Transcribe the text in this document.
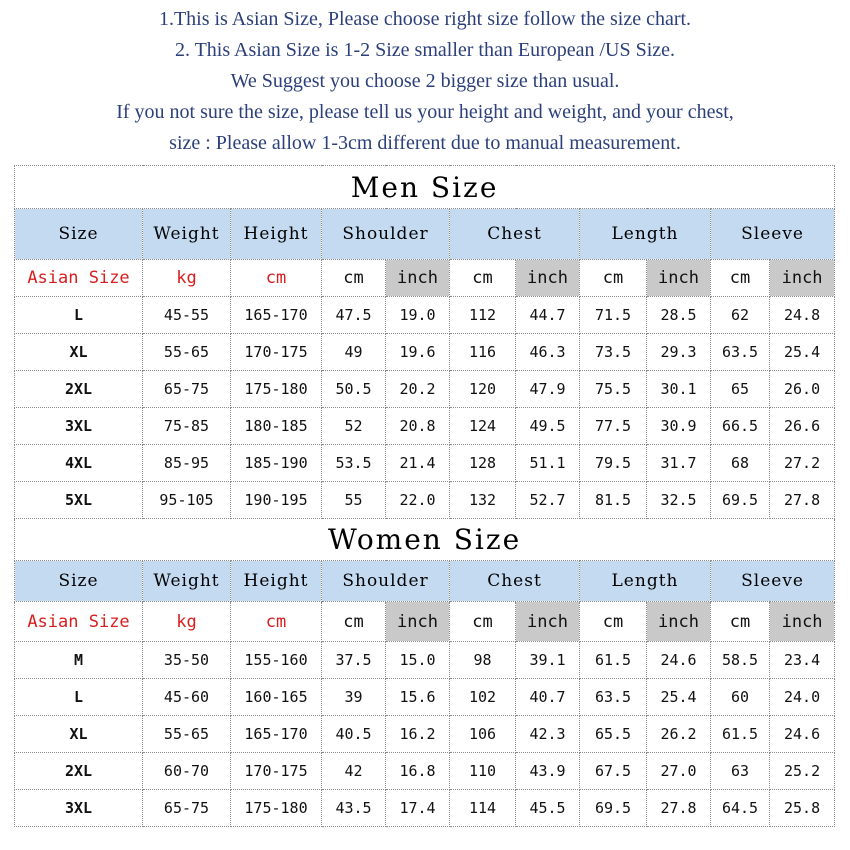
1.This is Asian Size, Please choose right size follow the size chart.
2. This Asian Size is 1-2 Size smaller than European /US Size.
We Suggest you choose 2 bigger size than usual.
If you not sure the size, please tell us your height and weight, and your chest,
size : Please allow 1-3cm different due to manual measurement.
Men Size										
Size	Weight	Height	Shoulder		Chest		Length		Sleeve	
Asian Size	kg	cm	cm	inch	cm	inch	cm	inch	cm	inch
L	45-55	165-170	47.5	19.0	112	44.7	71.5	28.5	62	24.8
XL	55-65	170-175	49	19.6	116	46.3	73.5	29.3	63.5	25.4
2XL	65-75	175-180	50.5	20.2	120	47.9	75.5	30.1	65	26.0
3XL	75-85	180-185	52	20.8	124	49.5	77.5	30.9	66.5	26.6
4XL	85-95	185-190	53.5	21.4	128	51.1	79.5	31.7	68	27.2
5XL	95-105	190-195	55	22.0	132	52.7	81.5	32.5	69.5	27.8
Women Size										
Size	Weight	Height	Shoulder		Chest		Length		Sleeve	
Asian Size	kg	cm	cm	inch	cm	inch	cm	inch	cm	inch
M	35-50	155-160	37.5	15.0	98	39.1	61.5	24.6	58.5	23.4
L	45-60	160-165	39	15.6	102	40.7	63.5	25.4	60	24.0
XL	55-65	165-170	40.5	16.2	106	42.3	65.5	26.2	61.5	24.6
2XL	60-70	170-175	42	16.8	110	43.9	67.5	27.0	63	25.2
3XL	65-75	175-180	43.5	17.4	114	45.5	69.5	27.8	64.5	25.8
